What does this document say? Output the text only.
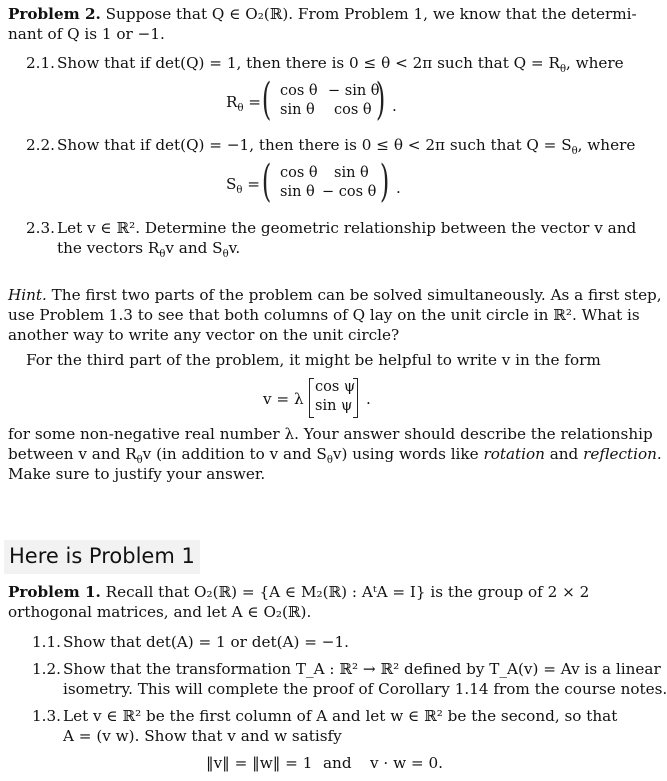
Problem 2. Suppose that Q ∈ O₂(ℝ). From Problem 1, we know that the determi-
nant of Q is 1 or −1.
2.1. Show that if det(Q) = 1, then there is 0 ≤ θ < 2π such that $Q = R_\theta$, where
$R_\theta$ = ( cos θ − sin θ
sin θ cos θ ) .
2.2. Show that if det(Q) = −1, then there is 0 ≤ θ < 2π such that $Q = S_\theta$, where
$S_\theta$ = ( cos θ sin θ
sin θ − cos θ ) .
2.3. Let v ∈ ℝ². Determine the geometric relationship between the vector v and
the vectors $R_\theta v$ and $S_\theta v$.
Hint. The first two parts of the problem can be solved simultaneously. As a first step,
use Problem 1.3 to see that both columns of Q lay on the unit circle in ℝ². What is
another way to write any vector on the unit circle?
For the third part of the problem, it might be helpful to write v in the form
v = λ
cos ψ
sin ψ .
for some non-negative real number λ. Your answer should describe the relationship
between v and $R_\theta v$ (in addition to v and $S_\theta v$) using words like rotation and reflection.
Make sure to justify your answer.
Here is Problem 1
Problem 1. Recall that O₂(ℝ) = {A ∈ M₂(ℝ) : AᵗA = I} is the group of 2 × 2
orthogonal matrices, and let A ∈ O₂(ℝ).
1.1. Show that det(A) = 1 or det(A) = −1.
1.2. Show that the transformation T_A : ℝ² → ℝ² defined by T_A(v) = Av is a linear
isometry. This will complete the proof of Corollary 1.14 from the course notes.
1.3. Let v ∈ ℝ² be the first column of A and let w ∈ ℝ² be the second, so that
A = (v w). Show that v and w satisfy
‖v‖ = ‖w‖ = 1 and v · w = 0.
